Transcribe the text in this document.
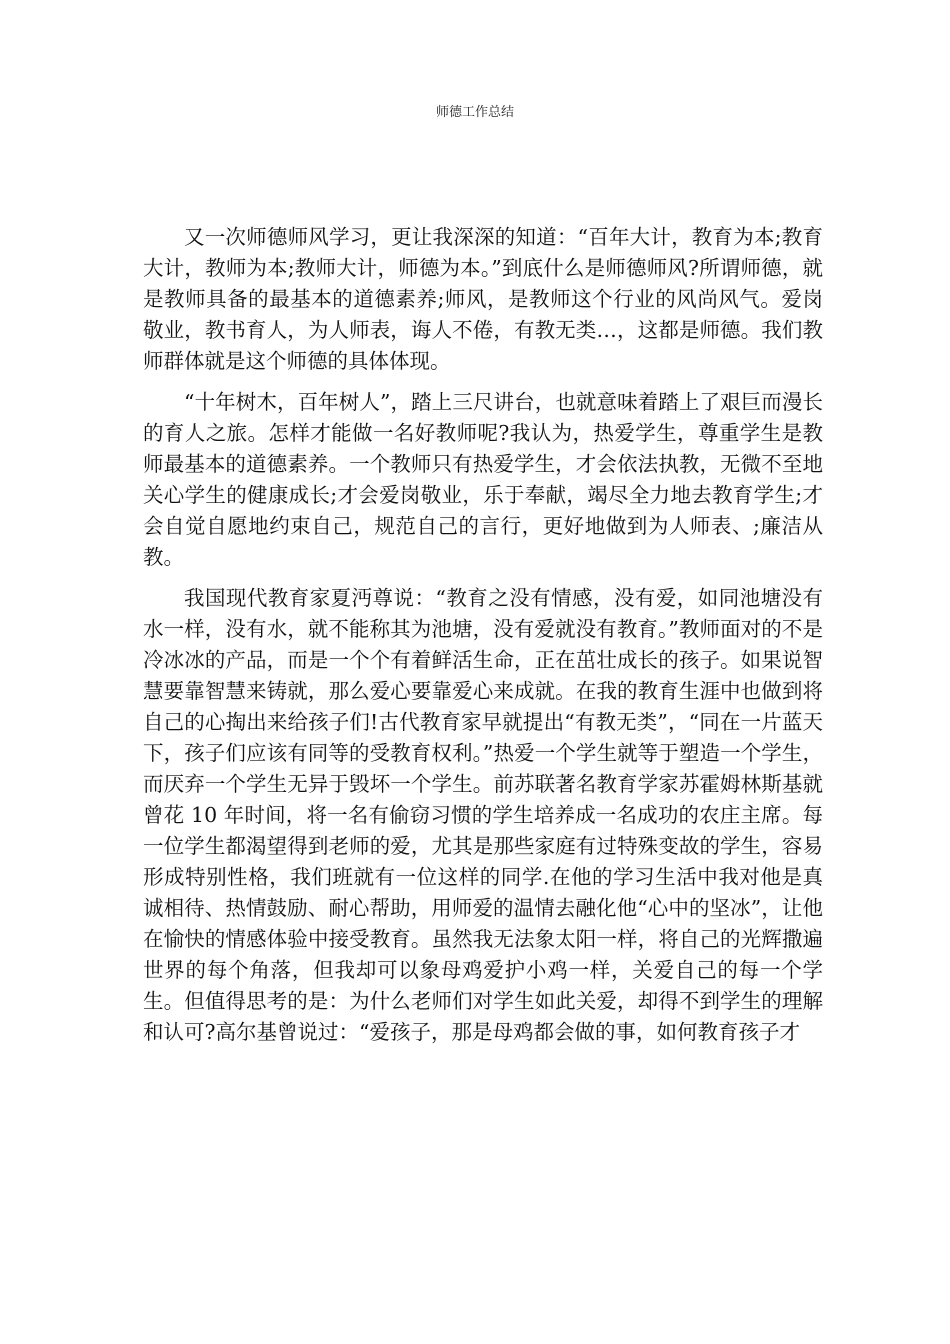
师德工作总结

又一次师德师风学习，更让我深深的知道：“百年大计，教育为本;教育大计，教师为本;教师大计，师德为本。”到底什么是师德师风?所谓师德，就是教师具备的最基本的道德素养;师风，是教师这个行业的风尚风气。爱岗敬业，教书育人，为人师表，诲人不倦，有教无类…，这都是师德。我们教师群体就是这个师德的具体体现。

“十年树木，百年树人”，踏上三尺讲台，也就意味着踏上了艰巨而漫长的育人之旅。怎样才能做一名好教师呢?我认为，热爱学生，尊重学生是教师最基本的道德素养。一个教师只有热爱学生，才会依法执教，无微不至地关心学生的健康成长;才会爱岗敬业，乐于奉献，竭尽全力地去教育学生;才会自觉自愿地约束自己，规范自己的言行，更好地做到为人师表、;廉洁从教。

我国现代教育家夏沔尊说：“教育之没有情感，没有爱，如同池塘没有水一样，没有水，就不能称其为池塘，没有爱就没有教育。”教师面对的不是冷冰冰的产品，而是一个个有着鲜活生命，正在茁壮成长的孩子。如果说智慧要靠智慧来铸就，那么爱心要靠爱心来成就。在我的教育生涯中也做到将自己的心掏出来给孩子们!古代教育家早就提出“有教无类”，“同在一片蓝天下，孩子们应该有同等的受教育权利。”热爱一个学生就等于塑造一个学生，而厌弃一个学生无异于毁坏一个学生。前苏联著名教育学家苏霍姆林斯基就曾花 10 年时间，将一名有偷窃习惯的学生培养成一名成功的农庄主席。每一位学生都渴望得到老师的爱，尤其是那些家庭有过特殊变故的学生，容易形成特别性格，我们班就有一位这样的同学.在他的学习生活中我对他是真诚相待、热情鼓励、耐心帮助，用师爱的温情去融化他“心中的坚冰”，让他在愉快的情感体验中接受教育。虽然我无法象太阳一样，将自己的光辉撒遍世界的每个角落，但我却可以象母鸡爱护小鸡一样，关爱自己的每一个学生。但值得思考的是：为什么老师们对学生如此关爱，却得不到学生的理解和认可?高尔基曾说过：“爱孩子，那是母鸡都会做的事，如何教育孩子才
